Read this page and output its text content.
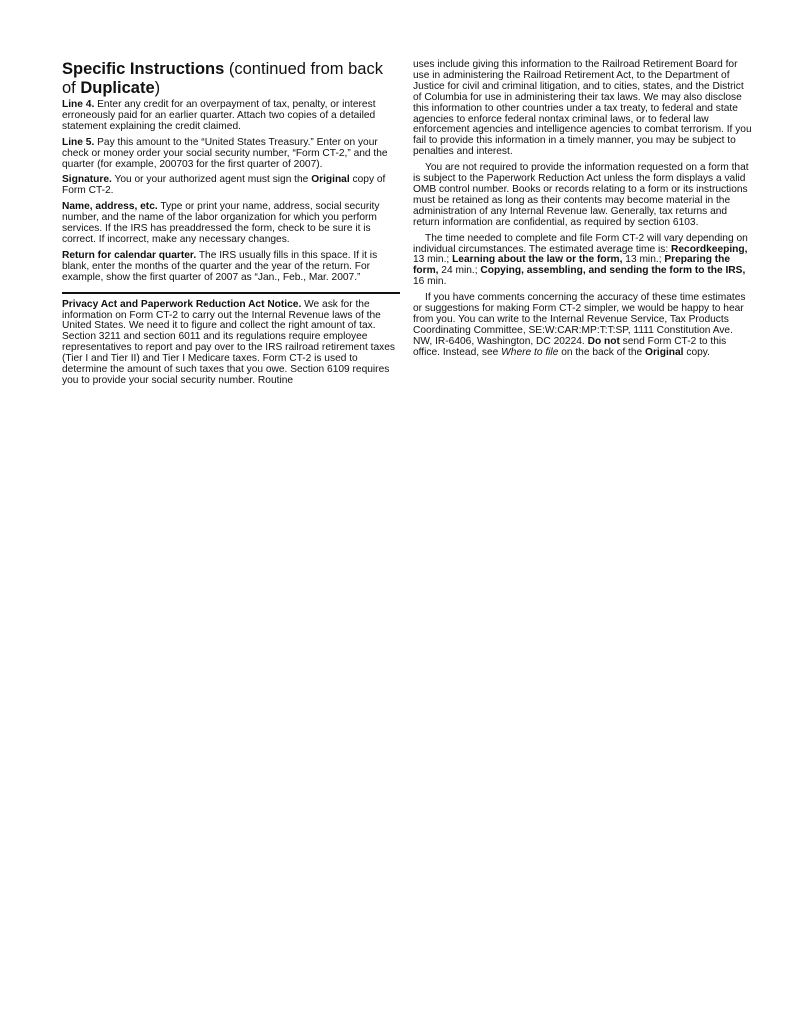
Specific Instructions (continued from back of Duplicate)

Line 4. Enter any credit for an overpayment of tax, penalty, or interest erroneously paid for an earlier quarter. Attach two copies of a detailed statement explaining the credit claimed.

Line 5. Pay this amount to the “United States Treasury.” Enter on your check or money order your social security number, “Form CT-2,” and the quarter (for example, 200703 for the first quarter of 2007).

Signature. You or your authorized agent must sign the Original copy of Form CT-2.

Name, address, etc. Type or print your name, address, social security number, and the name of the labor organization for which you perform services. If the IRS has preaddressed the form, check to be sure it is correct. If incorrect, make any necessary changes.

Return for calendar quarter. The IRS usually fills in this space. If it is blank, enter the months of the quarter and the year of the return. For example, show the first quarter of 2007 as “Jan., Feb., Mar. 2007.”

Privacy Act and Paperwork Reduction Act Notice. We ask for the information on Form CT-2 to carry out the Internal Revenue laws of the United States. We need it to figure and collect the right amount of tax. Section 3211 and section 6011 and its regulations require employee representatives to report and pay over to the IRS railroad retirement taxes (Tier I and Tier II) and Tier I Medicare taxes. Form CT-2 is used to determine the amount of such taxes that you owe. Section 6109 requires you to provide your social security number. Routine

uses include giving this information to the Railroad Retirement Board for use in administering the Railroad Retirement Act, to the Department of Justice for civil and criminal litigation, and to cities, states, and the District of Columbia for use in administering their tax laws. We may also disclose this information to other countries under a tax treaty, to federal and state agencies to enforce federal nontax criminal laws, or to federal law enforcement agencies and intelligence agencies to combat terrorism. If you fail to provide this information in a timely manner, you may be subject to penalties and interest.

You are not required to provide the information requested on a form that is subject to the Paperwork Reduction Act unless the form displays a valid OMB control number. Books or records relating to a form or its instructions must be retained as long as their contents may become material in the administration of any Internal Revenue law. Generally, tax returns and return information are confidential, as required by section 6103.

The time needed to complete and file Form CT-2 will vary depending on individual circumstances. The estimated average time is: Recordkeeping, 13 min.; Learning about the law or the form, 13 min.; Preparing the form, 24 min.; Copying, assembling, and sending the form to the IRS, 16 min.

If you have comments concerning the accuracy of these time estimates or suggestions for making Form CT-2 simpler, we would be happy to hear from you. You can write to the Internal Revenue Service, Tax Products Coordinating Committee, SE:W:CAR:MP:T:T:SP, 1111 Constitution Ave. NW, IR-6406, Washington, DC 20224. Do not send Form CT-2 to this office. Instead, see Where to file on the back of the Original copy.
